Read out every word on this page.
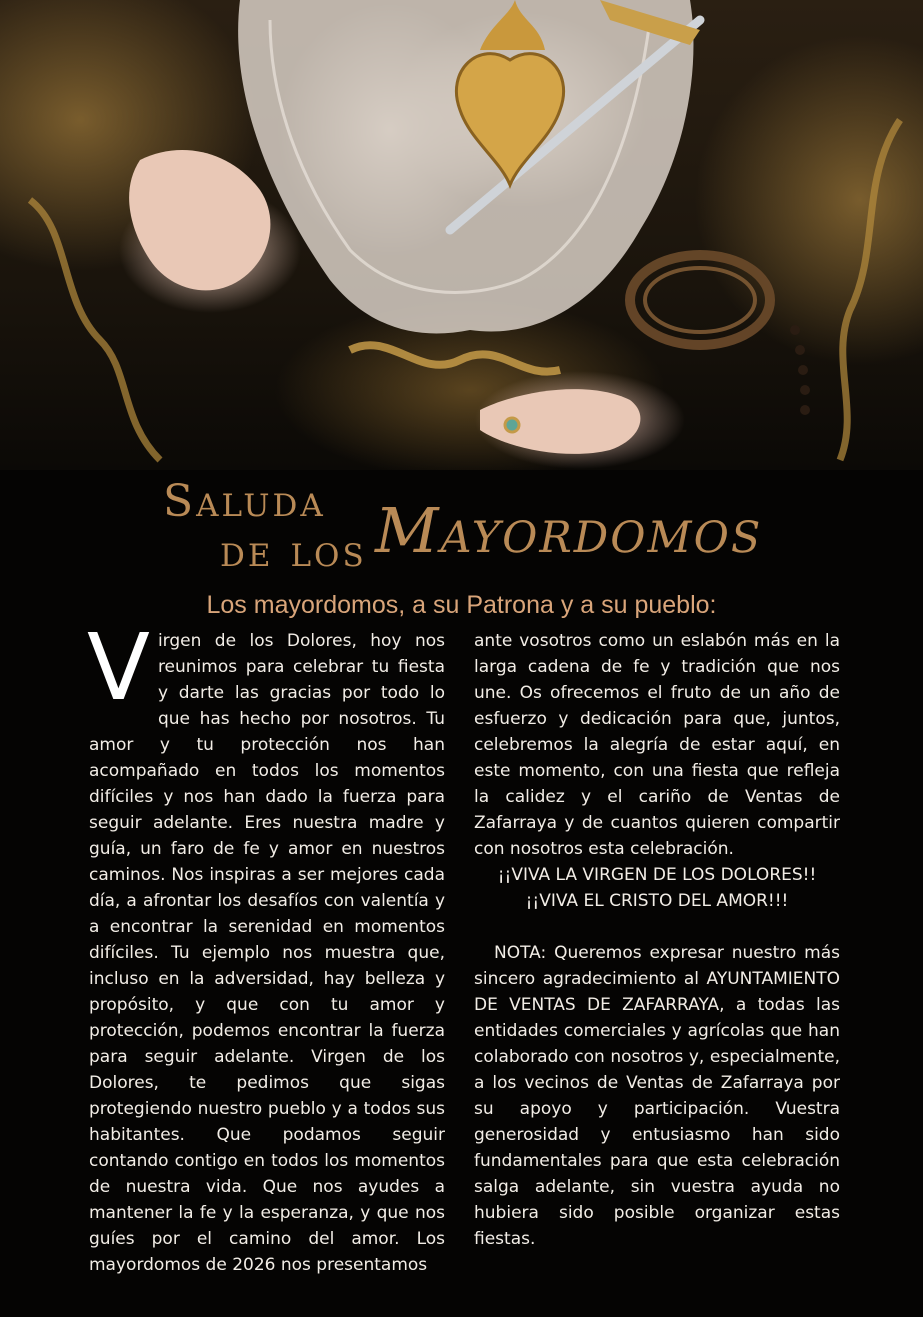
Saluda
de los Mayordomos
Los mayordomos, a su Patrona y a su pueblo:
V irgen de los Dolores, hoy nos reunimos para celebrar tu fiesta y darte las gracias por todo lo que has hecho por nosotros. Tu amor y tu protección nos han acompañado en todos los momentos difíciles y nos han dado la fuerza para seguir adelante. Eres nuestra madre y guía, un faro de fe y amor en nuestros caminos. Nos inspiras a ser mejores cada día, a afrontar los desafíos con valentía y a encontrar la serenidad en momentos difíciles. Tu ejemplo nos muestra que, incluso en la adversidad, hay belleza y propósito, y que con tu amor y protección, podemos encontrar la fuerza para seguir adelante. Virgen de los Dolores, te pedimos que sigas protegiendo nuestro pueblo y a todos sus habitantes. Que podamos seguir contando contigo en todos los momentos de nuestra vida. Que nos ayudes a mantener la fe y la esperanza, y que nos guíes por el camino del amor. Los mayordomos de 2026 nos presentamos
ante vosotros como un eslabón más en la larga cadena de fe y tradición que nos une. Os ofrecemos el fruto de un año de esfuerzo y dedicación para que, juntos, celebremos la alegría de estar aquí, en este momento, con una fiesta que refleja la calidez y el cariño de Ventas de Zafarraya y de cuantos quieren compartir con nosotros esta celebración.
¡¡VIVA LA VIRGEN DE LOS DOLORES!!
¡¡VIVA EL CRISTO DEL AMOR!!!
NOTA: Queremos expresar nuestro más sincero agradecimiento al AYUNTAMIENTO DE VENTAS DE ZAFARRAYA, a todas las entidades comerciales y agrícolas que han colaborado con nosotros y, especialmente, a los vecinos de Ventas de Zafarraya por su apoyo y participación. Vuestra generosidad y entusiasmo han sido fundamentales para que esta celebración salga adelante, sin vuestra ayuda no hubiera sido posible organizar estas fiestas.
